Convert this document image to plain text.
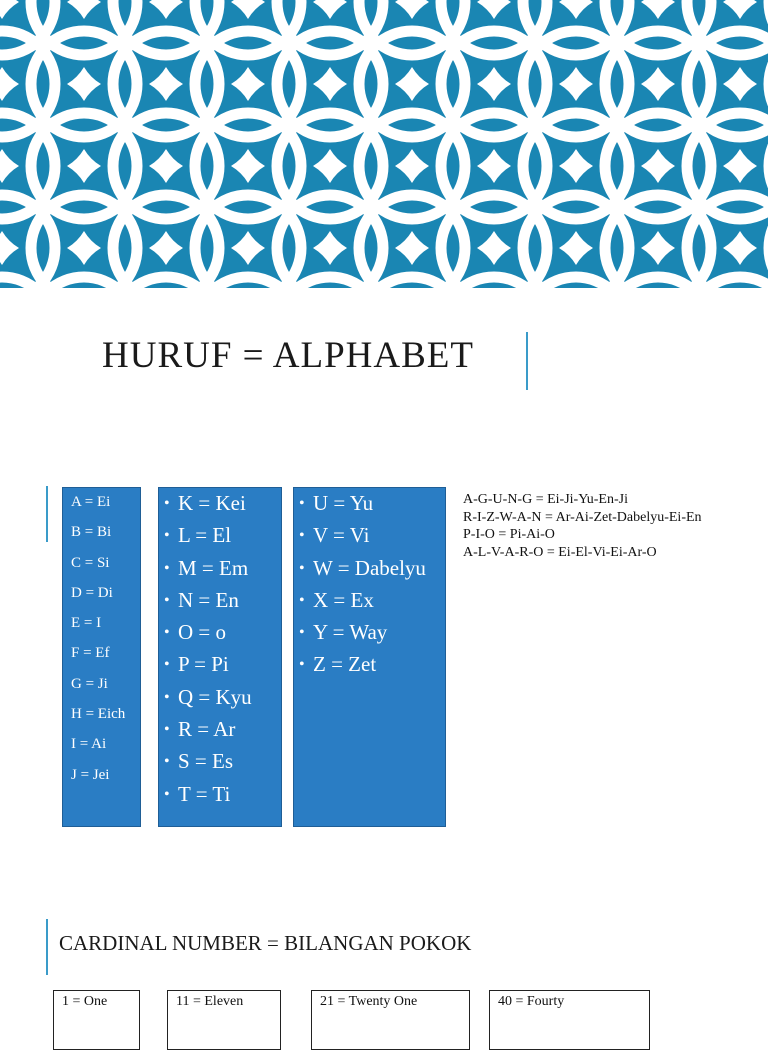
HURUF = ALPHABET
A = Ei
B = Bi
C = Si
D = Di
E = I
F = Ef
G = Ji
H = Eich
I = Ai
J = Jei
• K = Kei
• L = El
• M = Em
• N = En
• O = o
• P = Pi
• Q = Kyu
• R = Ar
• S = Es
• T = Ti
• U = Yu
• V = Vi
• W = Dabelyu
• X = Ex
• Y = Way
• Z = Zet
A-G-U-N-G = Ei-Ji-Yu-En-Ji
R-I-Z-W-A-N = Ar-Ai-Zet-Dabelyu-Ei-En
P-I-O = Pi-Ai-O
A-L-V-A-R-O = Ei-El-Vi-Ei-Ar-O
CARDINAL NUMBER = BILANGAN POKOK
1 = One	11 = Eleven	21 = Twenty One	40 = Fourty
